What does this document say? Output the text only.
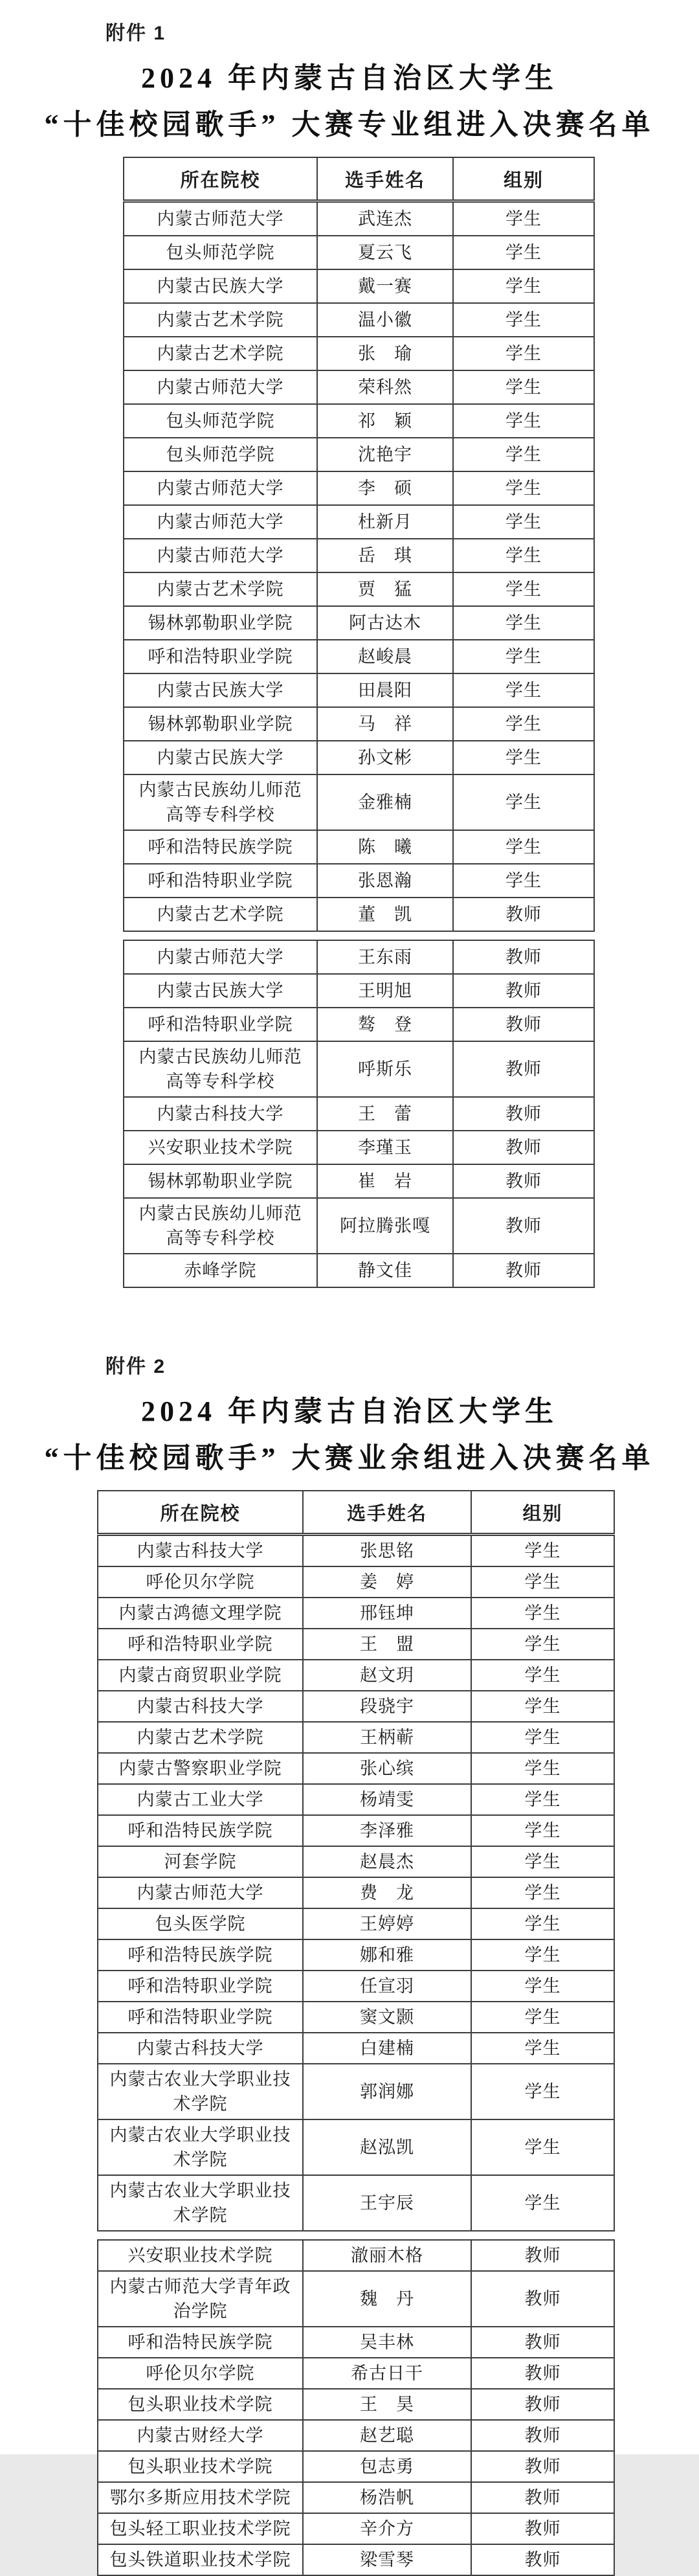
附件 1
2024 年内蒙古自治区大学生
“十佳校园歌手” 大赛专业组进入决赛名单
所在院校	选手姓名	组别
内蒙古师范大学	武连杰	学生
包头师范学院	夏云飞	学生
内蒙古民族大学	戴一赛	学生
内蒙古艺术学院	温小徽	学生
内蒙古艺术学院	张　瑜	学生
内蒙古师范大学	荣科然	学生
包头师范学院	祁　颖	学生
包头师范学院	沈艳宇	学生
内蒙古师范大学	李　硕	学生
内蒙古师范大学	杜新月	学生
内蒙古师范大学	岳　琪	学生
内蒙古艺术学院	贾　猛	学生
锡林郭勒职业学院	阿古达木	学生
呼和浩特职业学院	赵峻晨	学生
内蒙古民族大学	田晨阳	学生
锡林郭勒职业学院	马　祥	学生
内蒙古民族大学	孙文彬	学生
内蒙古民族幼儿师范
高等专科学校	金雅楠	学生
呼和浩特民族学院	陈　曦	学生
呼和浩特职业学院	张恩瀚	学生
内蒙古艺术学院	董　凯	教师
内蒙古师范大学	王东雨	教师
内蒙古民族大学	王明旭	教师
呼和浩特职业学院	骜　登	教师
内蒙古民族幼儿师范
高等专科学校	呼斯乐	教师
内蒙古科技大学	王　蕾	教师
兴安职业技术学院	李瑾玉	教师
锡林郭勒职业学院	崔　岩	教师
内蒙古民族幼儿师范
高等专科学校	阿拉腾张嘎	教师
赤峰学院	静文佳	教师
附件 2
2024 年内蒙古自治区大学生
“十佳校园歌手” 大赛业余组进入决赛名单
所在院校	选手姓名	组别
内蒙古科技大学	张思铭	学生
呼伦贝尔学院	姜　婷	学生
内蒙古鸿德文理学院	邢钰坤	学生
呼和浩特职业学院	王　盟	学生
内蒙古商贸职业学院	赵文玥	学生
内蒙古科技大学	段骁宇	学生
内蒙古艺术学院	王柄蕲	学生
内蒙古警察职业学院	张心缤	学生
内蒙古工业大学	杨靖雯	学生
呼和浩特民族学院	李泽雅	学生
河套学院	赵晨杰	学生
内蒙古师范大学	费　龙	学生
包头医学院	王婷婷	学生
呼和浩特民族学院	娜和雅	学生
呼和浩特职业学院	任宣羽	学生
呼和浩特职业学院	窦文颢	学生
内蒙古科技大学	白建楠	学生
内蒙古农业大学职业技
术学院	郭润娜	学生
内蒙古农业大学职业技
术学院	赵泓凯	学生
内蒙古农业大学职业技
术学院	王宇辰	学生
兴安职业技术学院	澈丽木格	教师
内蒙古师范大学青年政
治学院	魏　丹	教师
呼和浩特民族学院	吴丰林	教师
呼伦贝尔学院	希古日干	教师
包头职业技术学院	王　昊	教师
内蒙古财经大学	赵艺聪	教师
包头职业技术学院	包志勇	教师
鄂尔多斯应用技术学院	杨浩帆	教师
包头轻工职业技术学院	辛介方	教师
包头铁道职业技术学院	梁雪琴	教师
